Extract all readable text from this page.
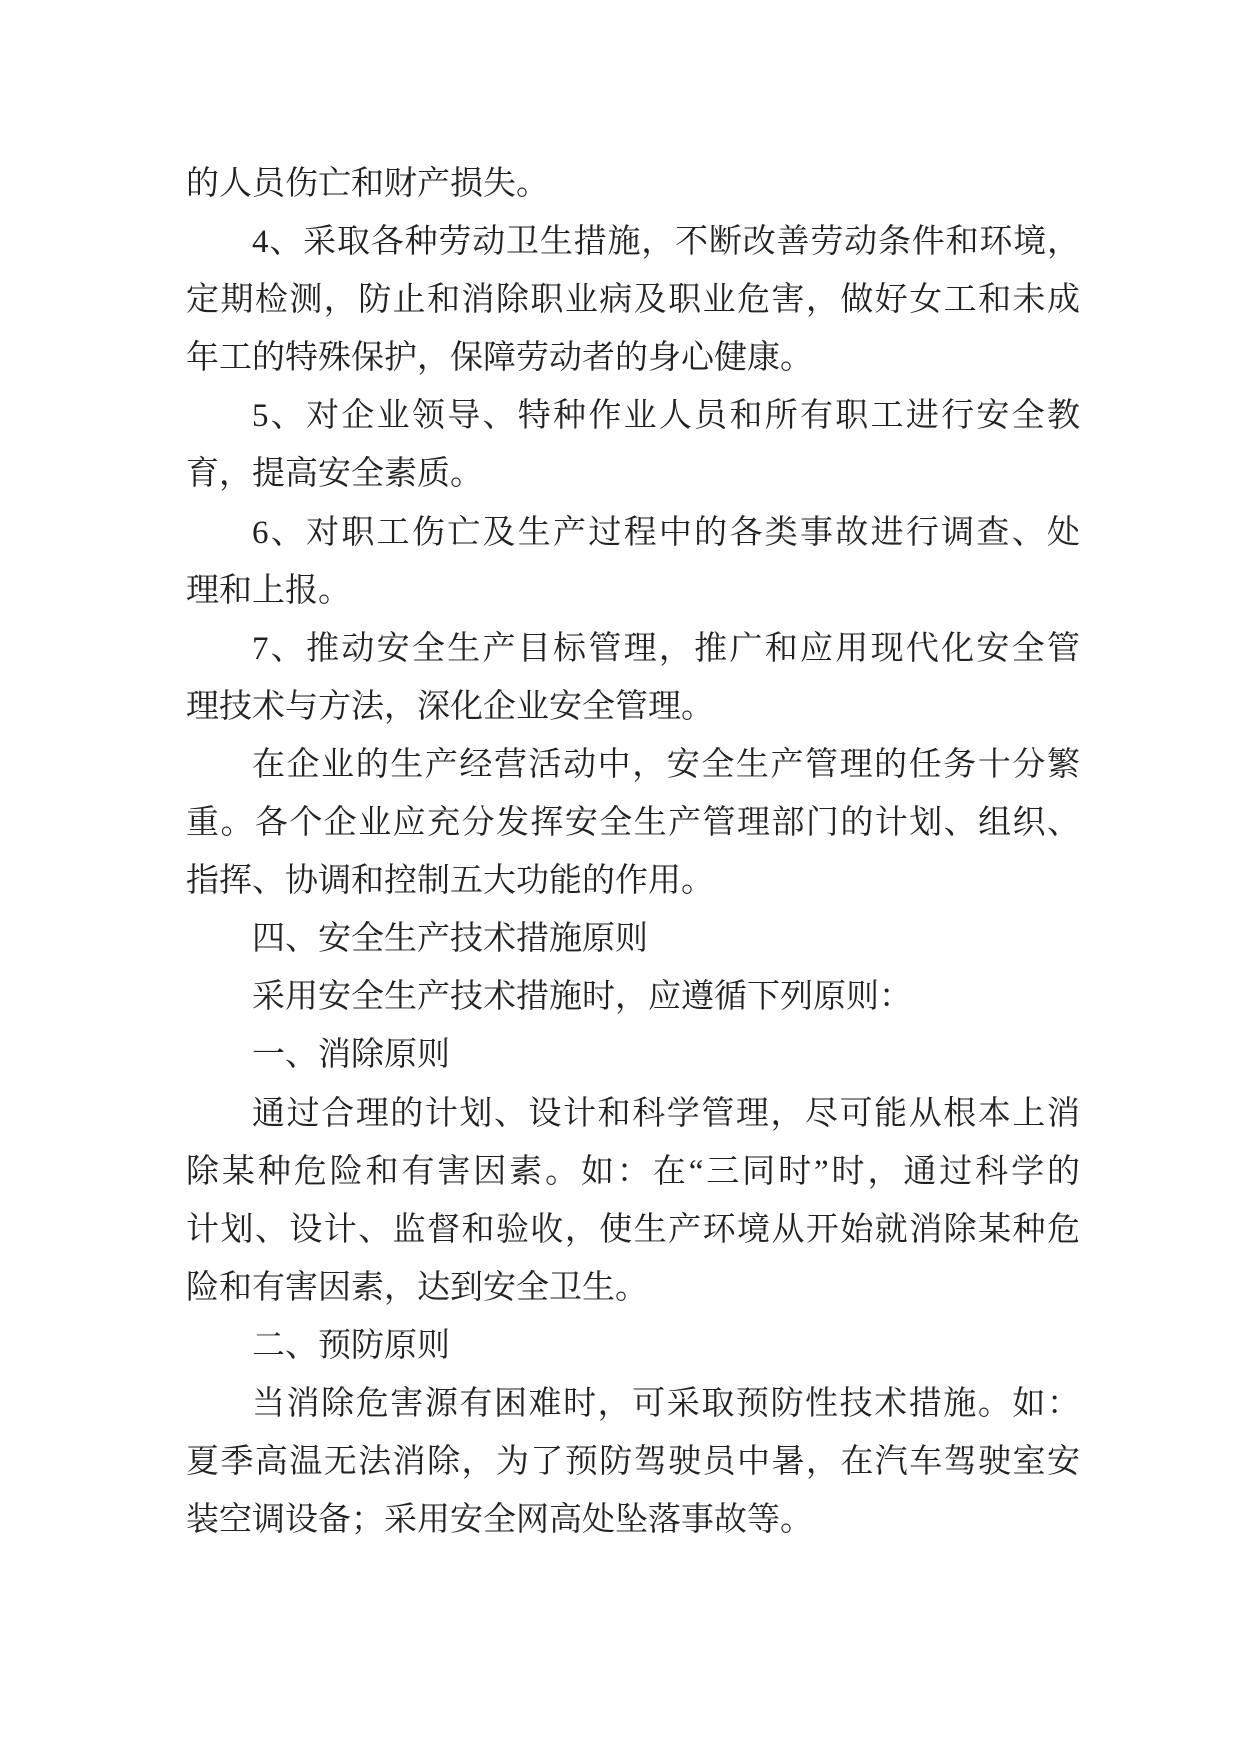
的人员伤亡和财产损失。
4、采取各种劳动卫生措施，不断改善劳动条件和环境，
定期检测，防止和消除职业病及职业危害，做好女工和未成
年工的特殊保护，保障劳动者的身心健康。
5、对企业领导、特种作业人员和所有职工进行安全教
育，提高安全素质。
6、对职工伤亡及生产过程中的各类事故进行调查、处
理和上报。
7、推动安全生产目标管理，推广和应用现代化安全管
理技术与方法，深化企业安全管理。
在企业的生产经营活动中，安全生产管理的任务十分繁
重。各个企业应充分发挥安全生产管理部门的计划、组织、
指挥、协调和控制五大功能的作用。
四、安全生产技术措施原则
采用安全生产技术措施时，应遵循下列原则：
一、消除原则
通过合理的计划、设计和科学管理，尽可能从根本上消
除某种危险和有害因素。如：在“三同时”时，通过科学的
计划、设计、监督和验收，使生产环境从开始就消除某种危
险和有害因素，达到安全卫生。
二、预防原则
当消除危害源有困难时，可采取预防性技术措施。如：
夏季高温无法消除，为了预防驾驶员中暑，在汽车驾驶室安
装空调设备；采用安全网高处坠落事故等。
